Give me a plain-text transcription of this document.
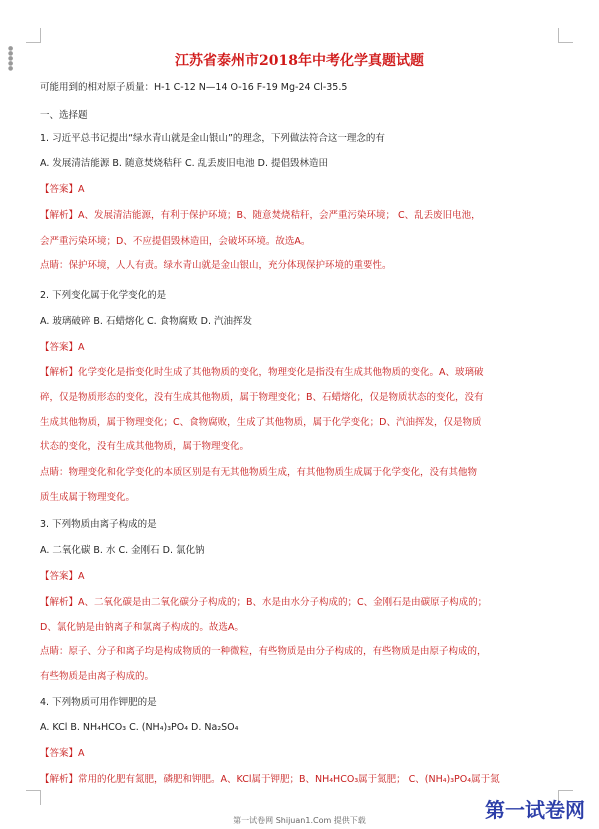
●
●
●
●
●	江苏省泰州市2018年中考化学真题试题
可能用到的相对原子质量：H-1 C-12 N—14 O-16 F-19 Mg-24 Cl-35.5
一、选择题
1. 习近平总书记提出“绿水青山就是金山银山”的理念，下列做法符合这一理念的有
A. 发展清洁能源 B. 随意焚烧秸秆 C. 乱丢废旧电池 D. 提倡毁林造田
【答案】A
【解析】A、发展清洁能源，有利于保护环境；B、随意焚烧秸秆，会严重污染环境； C、乱丢废旧电池，
会严重污染环境；D、不应提倡毁林造田，会破坏环境。故选A。
点睛：保护环境，人人有责。绿水青山就是金山银山，充分体现保护环境的重要性。
2. 下列变化属于化学变化的是
A. 玻璃破碎 B. 石蜡熔化 C. 食物腐败 D. 汽油挥发
【答案】A
【解析】化学变化是指变化时生成了其他物质的变化，物理变化是指没有生成其他物质的变化。A、玻璃破
碎，仅是物质形态的变化，没有生成其他物质，属于物理变化；B、石蜡熔化，仅是物质状态的变化，没有
生成其他物质，属于物理变化；C、食物腐败，生成了其他物质，属于化学变化；D、汽油挥发，仅是物质
状态的变化，没有生成其他物质，属于物理变化。
点睛：物理变化和化学变化的本质区别是有无其他物质生成，有其他物质生成属于化学变化，没有其他物
质生成属于物理变化。
3. 下列物质由离子构成的是
A. 二氧化碳 B. 水 C. 金刚石 D. 氯化钠
【答案】A
【解析】A、二氧化碳是由二氧化碳分子构成的；B、水是由水分子构成的；C、金刚石是由碳原子构成的；
D、氯化钠是由钠离子和氯离子构成的。故选A。
点睛：原子、分子和离子均是构成物质的一种微粒，有些物质是由分子构成的，有些物质是由原子构成的，
有些物质是由离子构成的。
4. 下列物质可用作钾肥的是
A. KCl B. NH₄HCO₃ C. (NH₄)₃PO₄ D. Na₂SO₄
【答案】A
【解析】常用的化肥有氮肥，磷肥和钾肥。A、KCl属于钾肥；B、NH₄HCO₃属于氮肥； C、(NH₄)₃PO₄属于氮
第一试卷网 Shijuan1.Com 提供下载	第一试卷网
